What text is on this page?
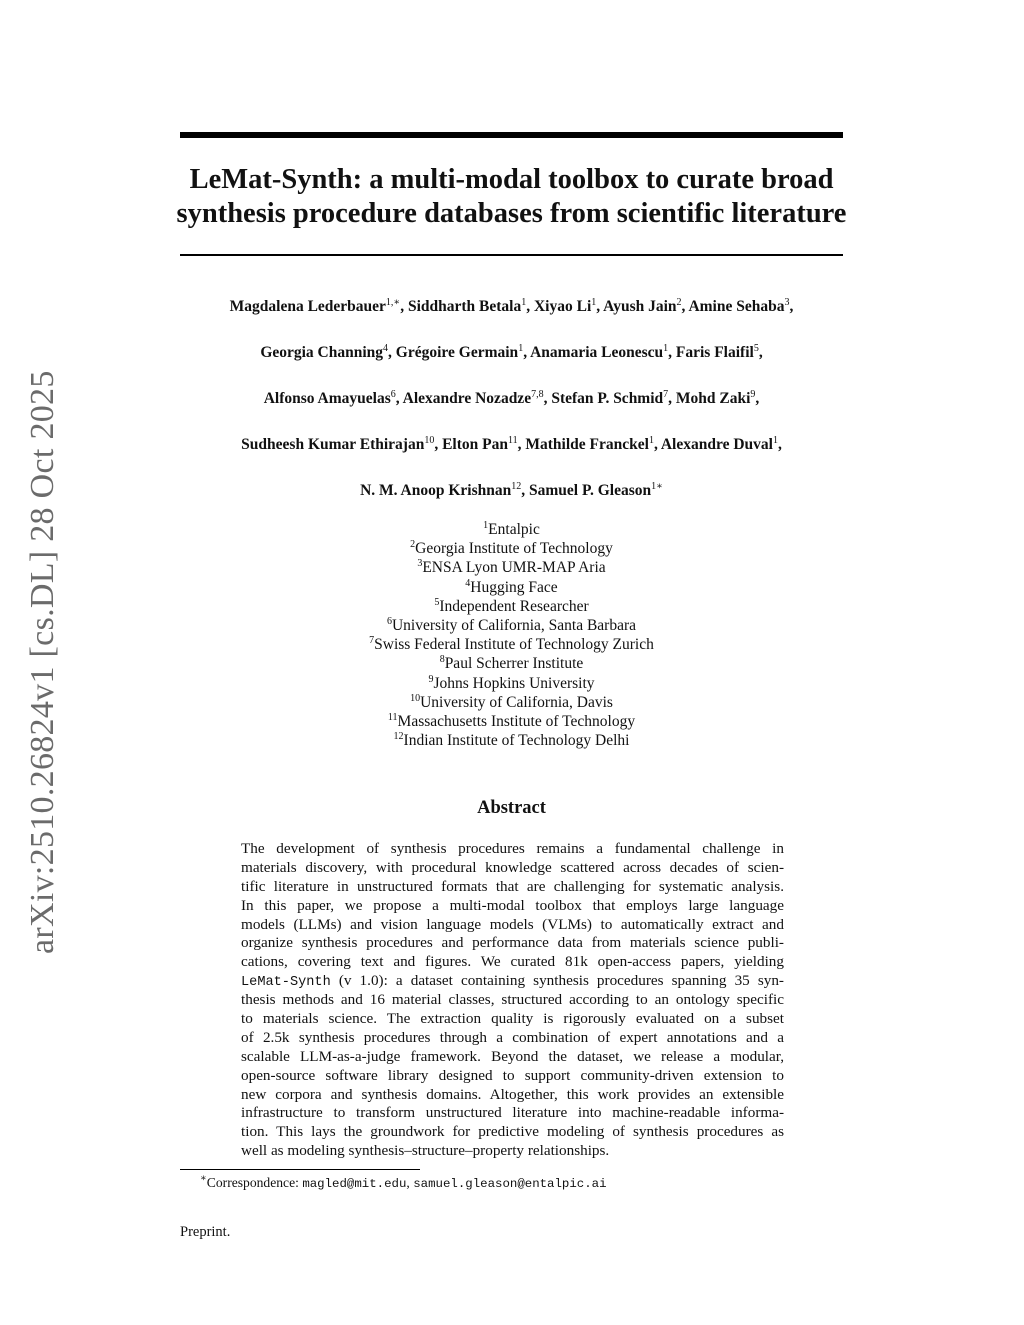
arXiv:2510.26824v1 [cs.DL] 28 Oct 2025
LeMat-Synth: a multi-modal toolbox to curate broad
synthesis procedure databases from scientific literature
Magdalena Lederbauer$^{1,∗}$, Siddharth Betala$^1$, Xiyao Li$^1$, Ayush Jain$^2$, Amine Sehaba$^3$,
Georgia Channing$^4$, Grégoire Germain$^1$, Anamaria Leonescu$^1$, Faris Flaifil$^5$,
Alfonso Amayuelas$^6$, Alexandre Nozadze$^{7,8}$, Stefan P. Schmid$^7$, Mohd Zaki$^9$,
Sudheesh Kumar Ethirajan$^{10}$, Elton Pan$^{11}$, Mathilde Franckel$^1$, Alexandre Duval$^1$,
N. M. Anoop Krishnan$^{12}$, Samuel P. Gleason$^{1∗}$
$^1$Entalpic
$^2$Georgia Institute of Technology
$^3$ENSA Lyon UMR-MAP Aria
$^4$Hugging Face
$^5$Independent Researcher
$^6$University of California, Santa Barbara
$^7$Swiss Federal Institute of Technology Zurich
$^8$Paul Scherrer Institute
$^9$Johns Hopkins University
$^{10}$University of California, Davis
$^{11}$Massachusetts Institute of Technology
$^{12}$Indian Institute of Technology Delhi
Abstract
The development of synthesis procedures remains a fundamental challenge in
materials discovery, with procedural knowledge scattered across decades of scien-
tific literature in unstructured formats that are challenging for systematic analysis.
In this paper, we propose a multi-modal toolbox that employs large language
models (LLMs) and vision language models (VLMs) to automatically extract and
organize synthesis procedures and performance data from materials science publi-
cations, covering text and figures. We curated 81k open-access papers, yielding
LeMat-Synth (v 1.0): a dataset containing synthesis procedures spanning 35 syn-
thesis methods and 16 material classes, structured according to an ontology specific
to materials science. The extraction quality is rigorously evaluated on a subset
of 2.5k synthesis procedures through a combination of expert annotations and a
scalable LLM-as-a-judge framework. Beyond the dataset, we release a modular,
open-source software library designed to support community-driven extension to
new corpora and synthesis domains. Altogether, this work provides an extensible
infrastructure to transform unstructured literature into machine-readable informa-
tion. This lays the groundwork for predictive modeling of synthesis procedures as
well as modeling synthesis–structure–property relationships.
∗Correspondence: magled@mit.edu, samuel.gleason@entalpic.ai
Preprint.
